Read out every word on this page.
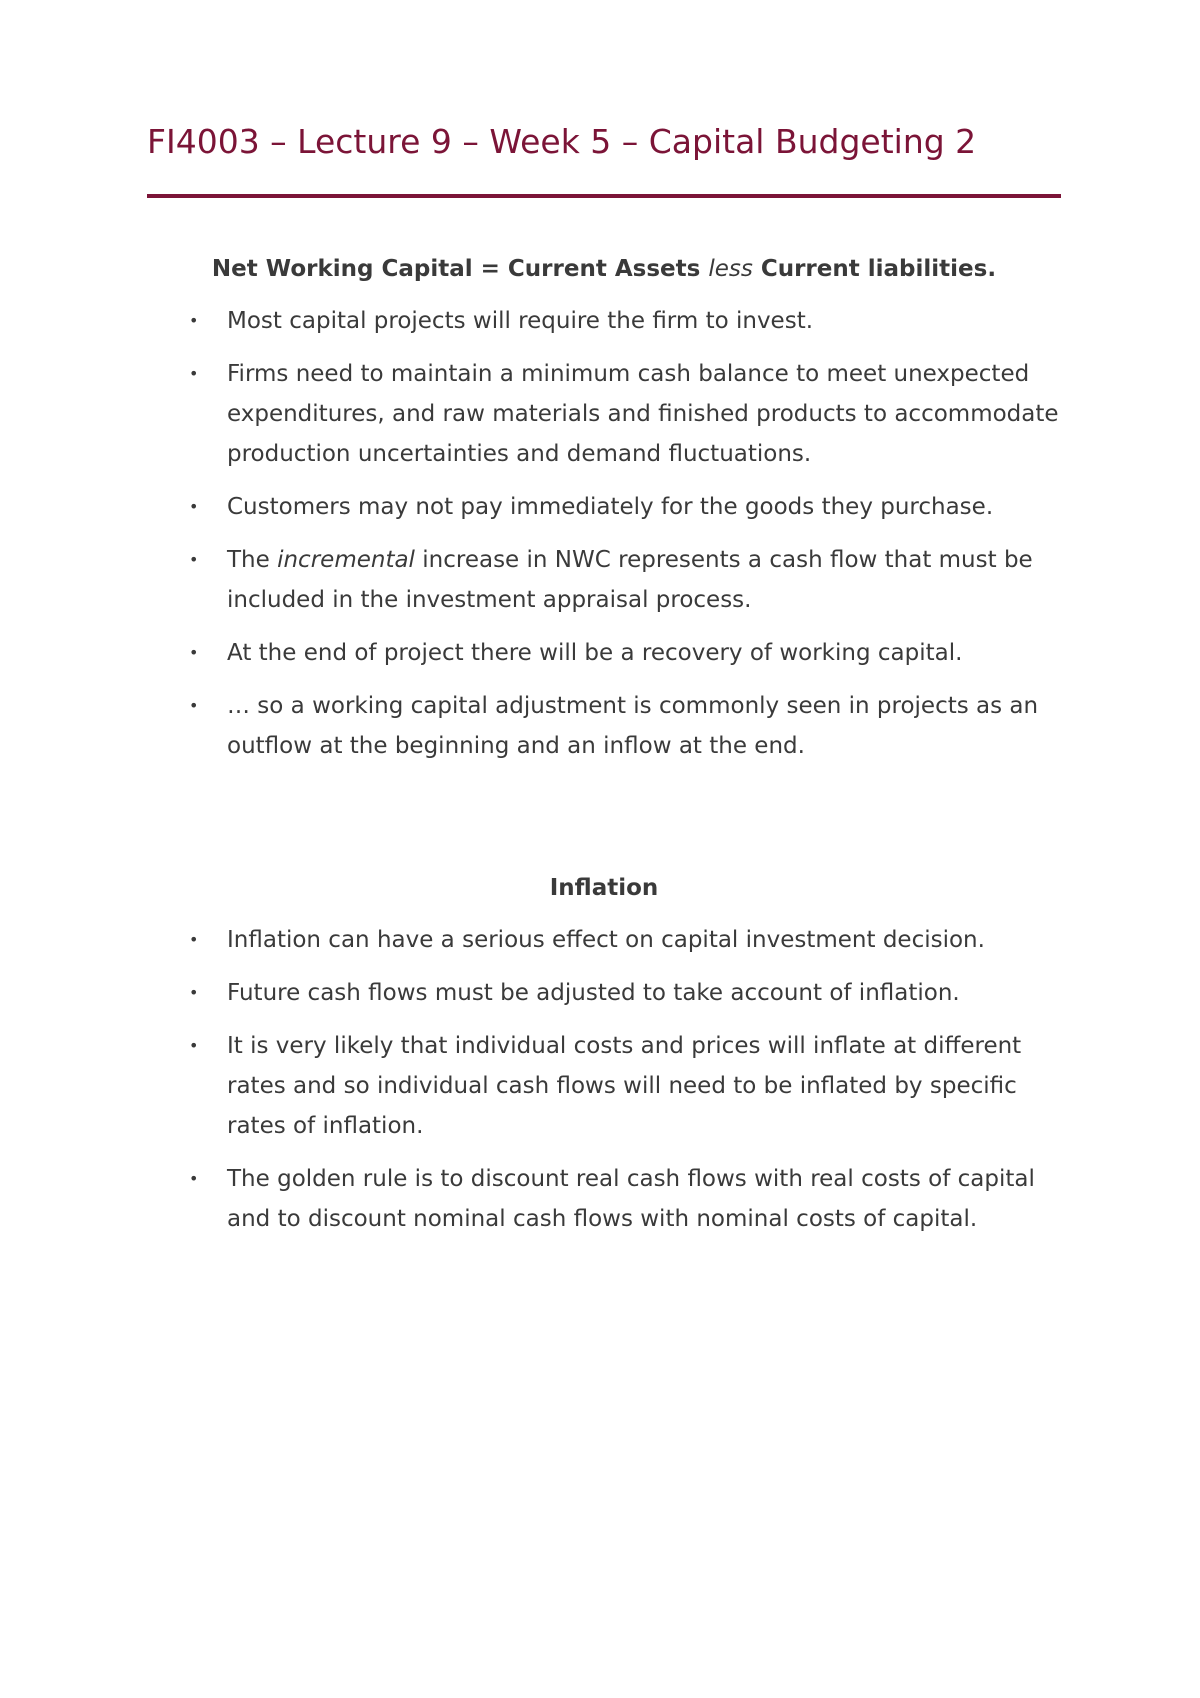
FI4003 – Lecture 9 – Week 5 – Capital Budgeting 2
Net Working Capital = Current Assets less Current liabilities.
• Most capital projects will require the firm to invest.
• Firms need to maintain a minimum cash balance to meet unexpected expenditures, and raw materials and finished products to accommodate production uncertainties and demand fluctuations.
• Customers may not pay immediately for the goods they purchase.
• The incremental increase in NWC represents a cash flow that must be included in the investment appraisal process.
• At the end of project there will be a recovery of working capital.
• … so a working capital adjustment is commonly seen in projects as an outflow at the beginning and an inflow at the end.
Inflation
• Inflation can have a serious effect on capital investment decision.
• Future cash flows must be adjusted to take account of inflation.
• It is very likely that individual costs and prices will inflate at different rates and so individual cash flows will need to be inflated by specific rates of inflation.
• The golden rule is to discount real cash flows with real costs of capital and to discount nominal cash flows with nominal costs of capital.
